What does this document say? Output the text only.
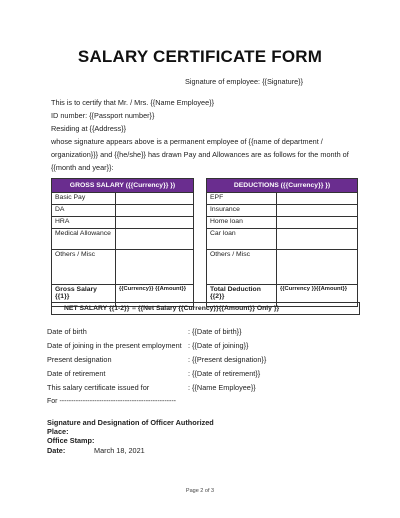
SALARY CERTIFICATE FORM
Signature of employee: {{Signature}}
This is to certify that Mr. / Mrs. {{Name Employee}}
ID number: {{Passport number}}
Residing at {{Address}}
whose signature appears above is a permanent employee of {{name of department /
organization}}} and {{he/she}} has drawn Pay and Allowances are as follows for the month of
{{month and year}}:
GROSS SALARY ({{Currency}} })	
Basic Pay	
DA	
HRA	
Medical Allowance	
Others / Misc	
Gross Salary {{1}}	{{Currency}} {{Amount}}
DEDUCTIONS ({{Currency}} })	
EPF	
Insurance	
Home loan	
Car loan	
Others / Misc	
Total Deduction {{2}}	{{Currency }}{{Amount}}
NET SALARY {{1-2}} = {{Net Salary {{Currency}}{{Amount}} Only }}
Date of birth	: {{Date of birth}}
Date of joining in the present employment : {{Date of joining}}
Present designation	: {{Present designation}}
Date of retirement	: {{Date of retirement}}
This salary certificate issued for	: {{Name Employee}}
For --------------------------------------------------
Signature and Designation of Officer Authorized
Place:
Office Stamp:
Date:	March 18, 2021
Page 2 of 3
